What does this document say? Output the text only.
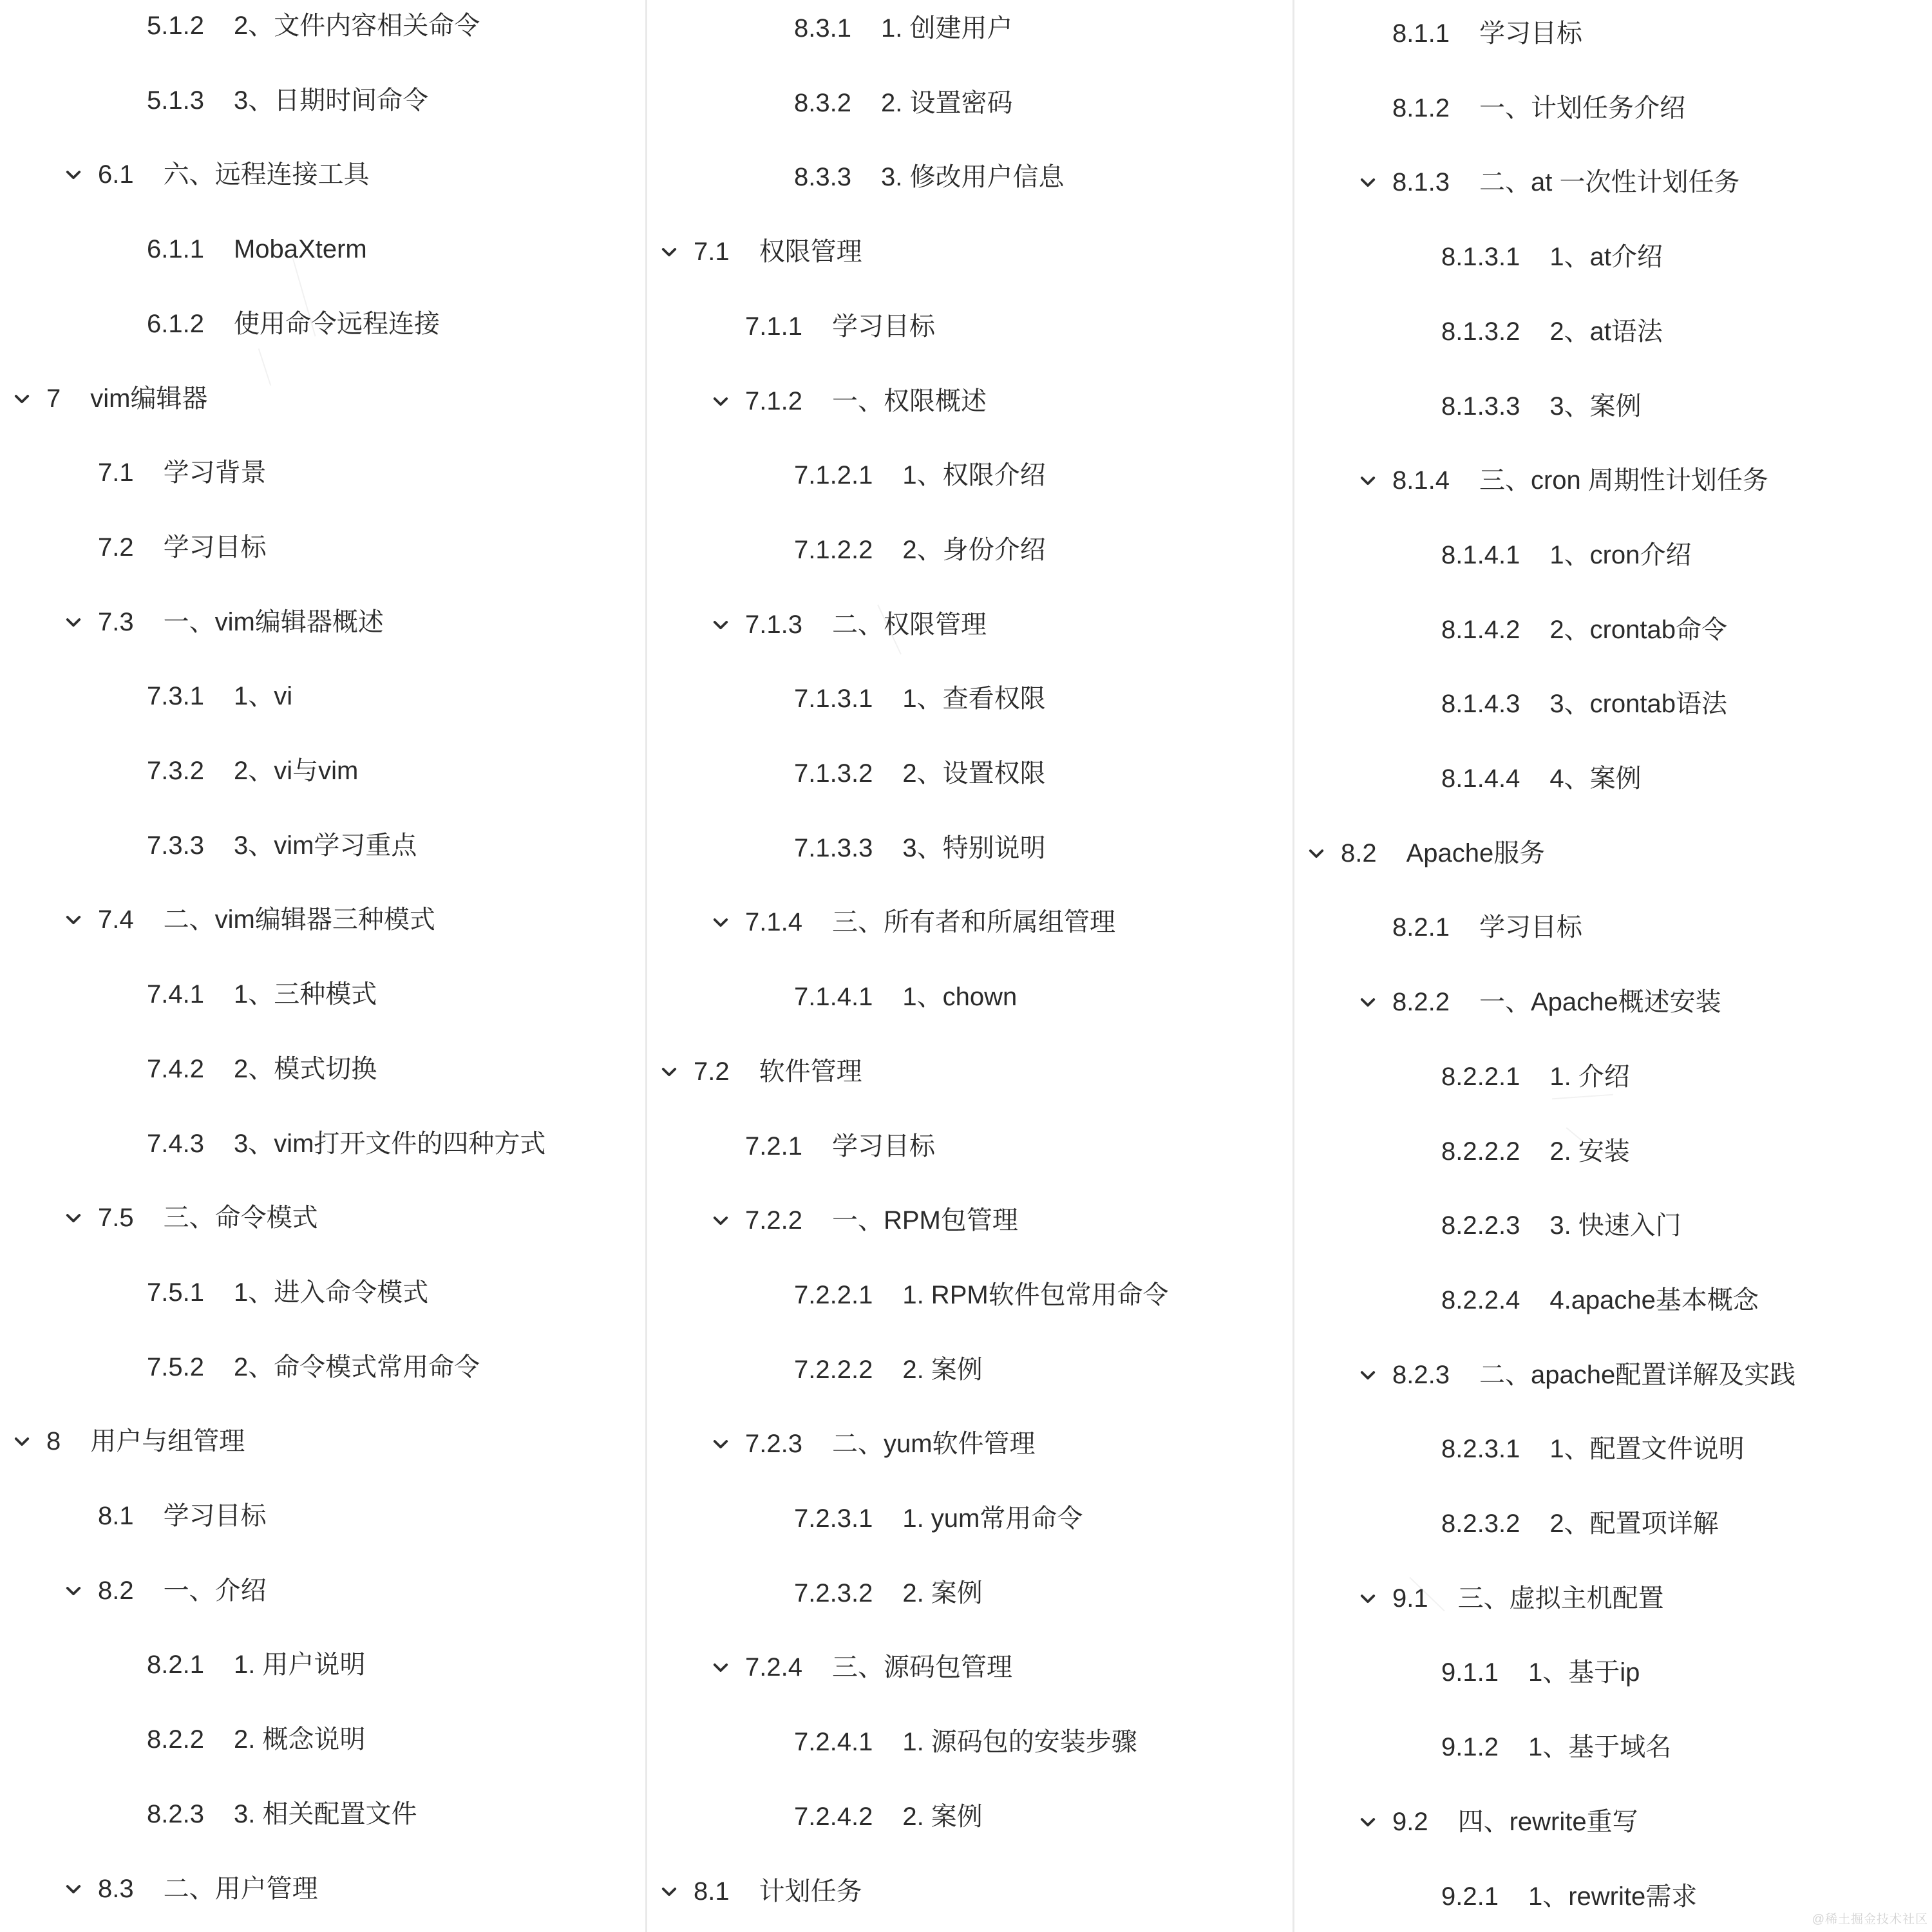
5.1.2 2、文件内容相关命令
5.1.3 3、日期时间命令
6.1 六、远程连接工具
6.1.1 MobaXterm
6.1.2 使用命令远程连接
7 vim编辑器
7.1 学习背景
7.2 学习目标
7.3 一、vim编辑器概述
7.3.1 1、vi
7.3.2 2、vi与vim
7.3.3 3、vim学习重点
7.4 二、vim编辑器三种模式
7.4.1 1、三种模式
7.4.2 2、模式切换
7.4.3 3、vim打开文件的四种方式
7.5 三、命令模式
7.5.1 1、进入命令模式
7.5.2 2、命令模式常用命令
8 用户与组管理
8.1 学习目标
8.2 一、介绍
8.2.1 1. 用户说明
8.2.2 2. 概念说明
8.2.3 3. 相关配置文件
8.3 二、用户管理
8.3.1 1. 创建用户
8.3.2 2. 设置密码
8.3.3 3. 修改用户信息
7.1 权限管理
7.1.1 学习目标
7.1.2 一、权限概述
7.1.2.1 1、权限介绍
7.1.2.2 2、身份介绍
7.1.3 二、权限管理
7.1.3.1 1、查看权限
7.1.3.2 2、设置权限
7.1.3.3 3、特别说明
7.1.4 三、所有者和所属组管理
7.1.4.1 1、chown
7.2 软件管理
7.2.1 学习目标
7.2.2 一、RPM包管理
7.2.2.1 1. RPM软件包常用命令
7.2.2.2 2. 案例
7.2.3 二、yum软件管理
7.2.3.1 1. yum常用命令
7.2.3.2 2. 案例
7.2.4 三、源码包管理
7.2.4.1 1. 源码包的安装步骤
7.2.4.2 2. 案例
8.1 计划任务
8.1.1 学习目标
8.1.2 一、计划任务介绍
8.1.3 二、at 一次性计划任务
8.1.3.1 1、at介绍
8.1.3.2 2、at语法
8.1.3.3 3、案例
8.1.4 三、cron 周期性计划任务
8.1.4.1 1、cron介绍
8.1.4.2 2、crontab命令
8.1.4.3 3、crontab语法
8.1.4.4 4、案例
8.2 Apache服务
8.2.1 学习目标
8.2.2 一、Apache概述安装
8.2.2.1 1. 介绍
8.2.2.2 2. 安装
8.2.2.3 3. 快速入门
8.2.2.4 4.apache基本概念
8.2.3 二、apache配置详解及实践
8.2.3.1 1、配置文件说明
8.2.3.2 2、配置项详解
9.1 三、虚拟主机配置
9.1.1 1、基于ip
9.1.2 1、基于域名
9.2 四、rewrite重写
9.2.1 1、rewrite需求
@稀土掘金技术社区
